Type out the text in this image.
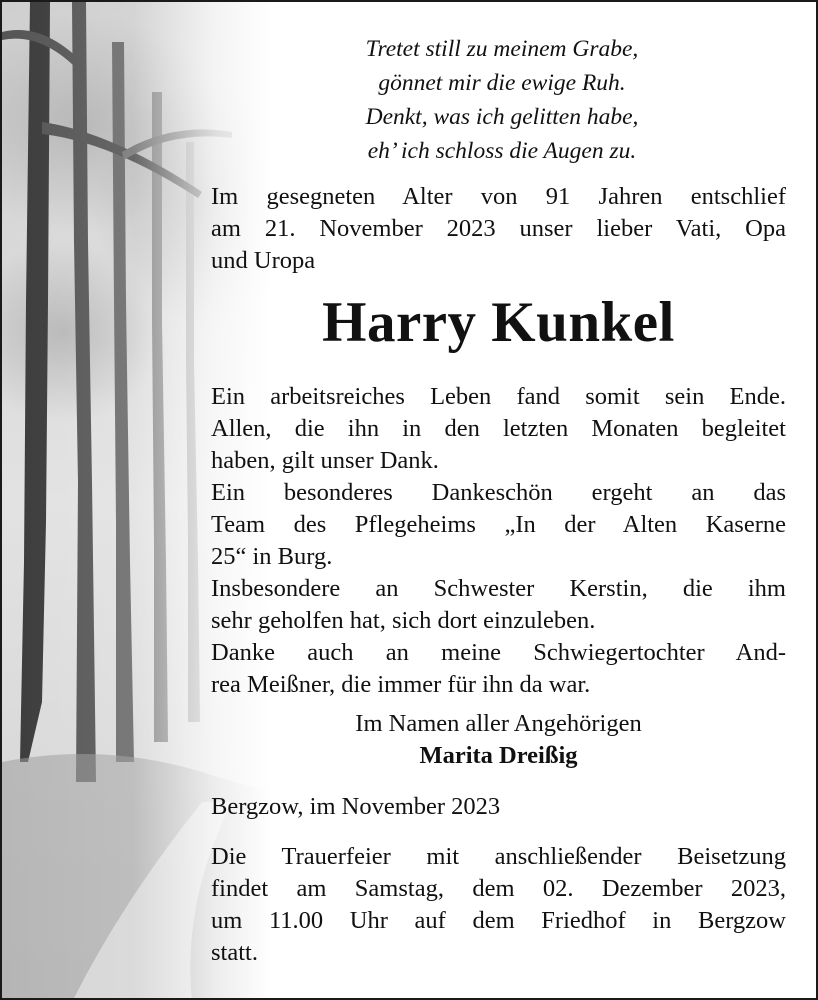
Tretet still zu meinem Grabe,
gönnet mir die ewige Ruh.
Denkt, was ich gelitten habe,
eh’ ich schloss die Augen zu.
Im gesegneten Alter von 91 Jahren entschlief
am 21. November 2023 unser lieber Vati, Opa
und Uropa
Harry Kunkel
Ein arbeitsreiches Leben fand somit sein Ende.
Allen, die ihn in den letzten Monaten begleitet
haben, gilt unser Dank.
Ein besonderes Dankeschön ergeht an das
Team des Pflegeheims „In der Alten Kaserne
25“ in Burg.
Insbesondere an Schwester Kerstin, die ihm
sehr geholfen hat, sich dort einzuleben.
Danke auch an meine Schwiegertochter And-
rea Meißner, die immer für ihn da war.
Im Namen aller Angehörigen
Marita Dreißig
Bergzow, im November 2023
Die Trauerfeier mit anschließender Beisetzung
findet am Samstag, dem 02. Dezember 2023,
um 11.00 Uhr auf dem Friedhof in Bergzow
statt.
